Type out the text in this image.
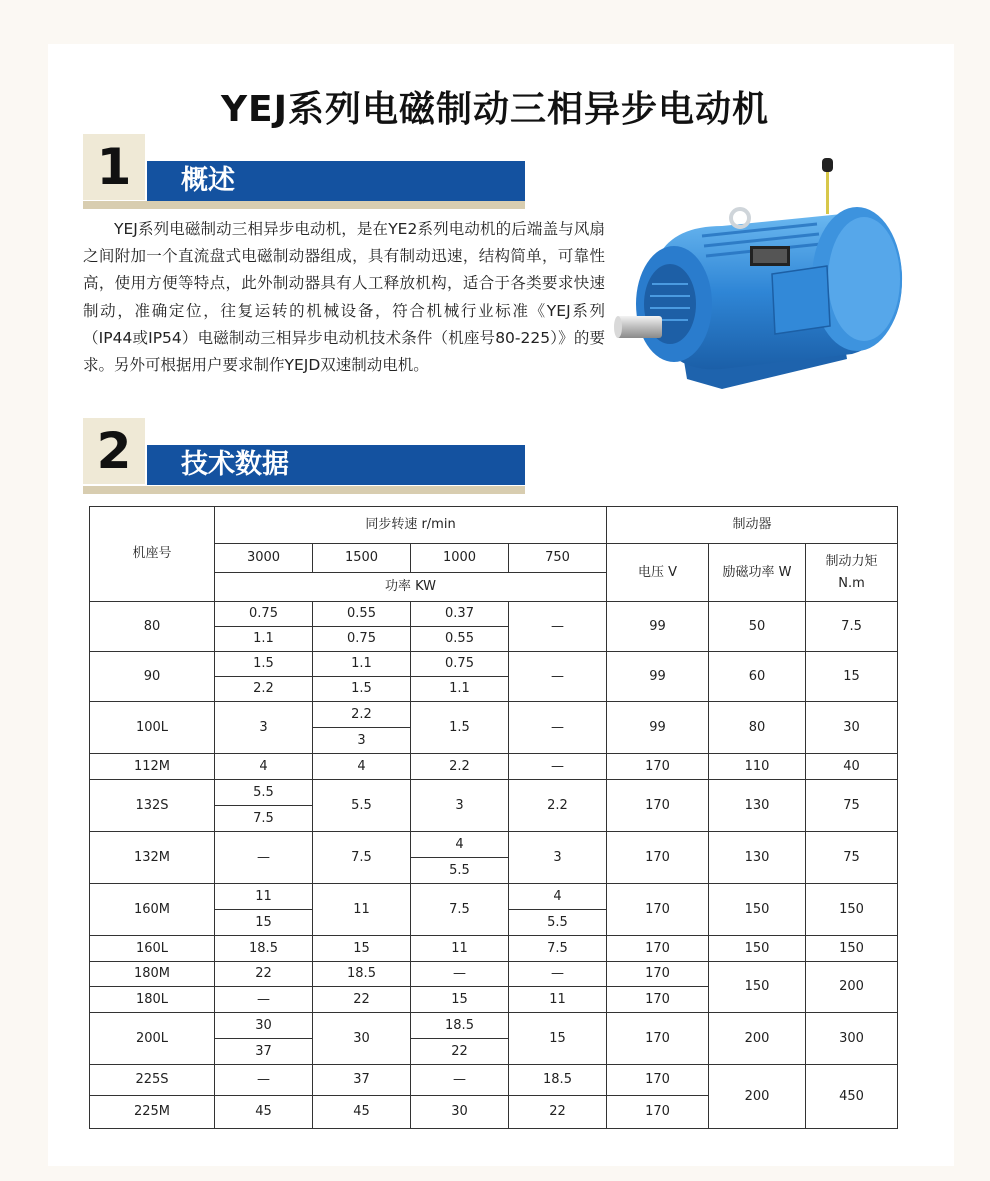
YEJ系列电磁制动三相异步电动机
1	概述
YEJ系列电磁制动三相异步电动机，是在YE2系列电动机的后端盖与风扇之间附加一个直流盘式电磁制动器组成，具有制动迅速，结构简单，可靠性高，使用方便等特点，此外制动器具有人工释放机构，适合于各类要求快速制动，准确定位，往复运转的机械设备，符合机械行业标准《YEJ系列（IP44或IP54）电磁制动三相异步电动机技术条件（机座号80-225）》的要求。另外可根据用户要求制作YEJD双速制动电机。
2	技术数据
机座号	同步转速 r/min				制动器		
	3000	1500	1000	750	电压 V	励磁功率 W	制动力矩
N.m
	功率 KW						
80	0.75	0.55	0.37	—	99	50	7.5
	1.1	0.75	0.55				
90	1.5	1.1	0.75	—	99	60	15
	2.2	1.5	1.1				
100L	3	2.2	1.5	—	99	80	30
		3					
112M	4	4	2.2	—	170	110	40
132S	5.5	5.5	3	2.2	170	130	75
	7.5						
132M	—	7.5	4	3	170	130	75
			5.5				
160M	11	11	7.5	4	170	150	150
	15			5.5			
160L	18.5	15	11	7.5	170	150	150
180M	22	18.5	—	—	170	150	200
180L	—	22	15	11	170		
200L	30	30	18.5	15	170	200	300
	37		22				
225S	—	37	—	18.5	170	200	450
225M	45	45	30	22	170		
